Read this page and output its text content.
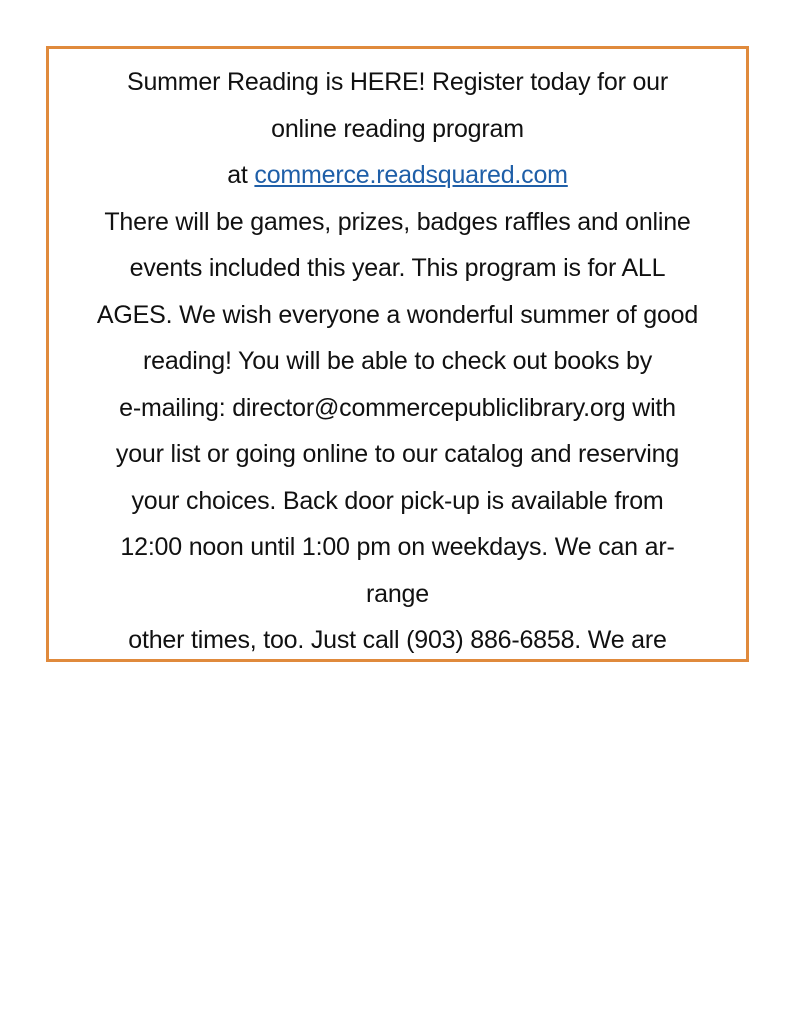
Summer Reading is HERE! Register today for our
online reading program
at commerce.readsquared.com
There will be games, prizes, badges raffles and online
events included this year. This program is for ALL
AGES. We wish everyone a wonderful summer of good
reading! You will be able to check out books by
e-mailing: director@commercepubliclibrary.org with
your list or going online to our catalog and reserving
your choices. Back door pick-up is available from
12:00 noon until 1:00 pm on weekdays. We can ar-
range
other times, too. Just call (903) 886-6858. We are
